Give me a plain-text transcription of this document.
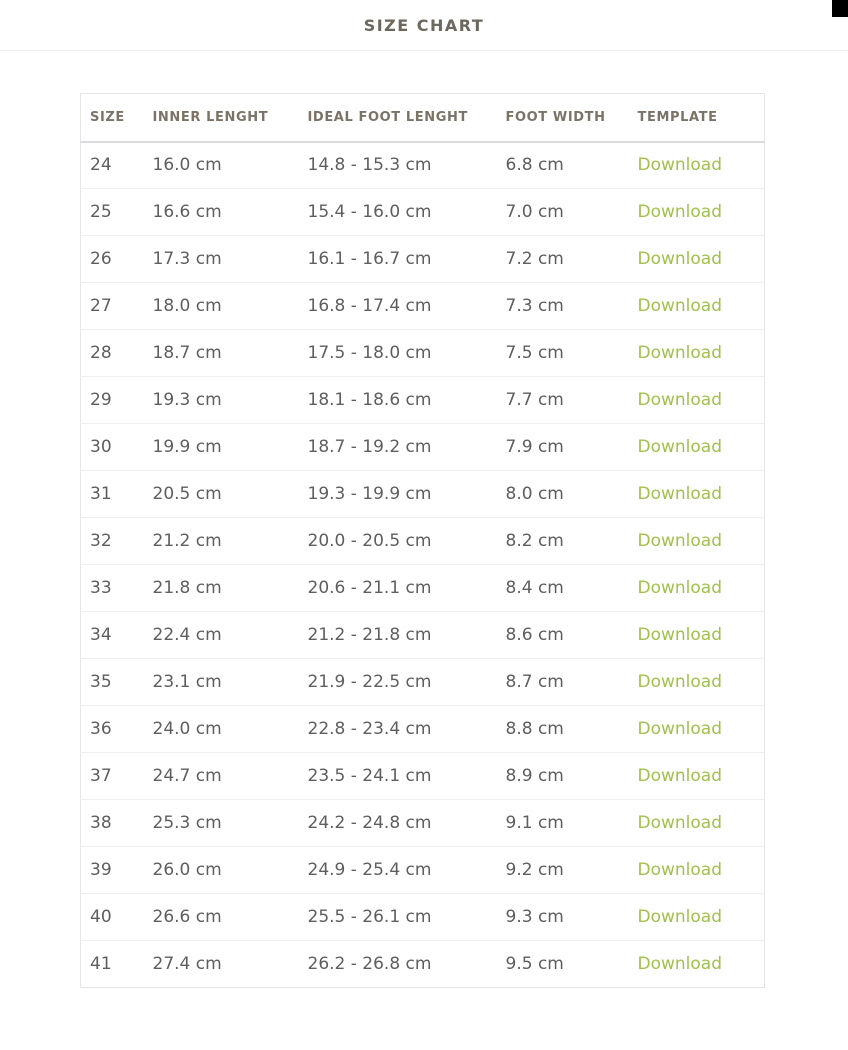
SIZE CHART
SIZE	INNER LENGHT	IDEAL FOOT LENGHT	FOOT WIDTH	TEMPLATE
24	16.0 cm	14.8 - 15.3 cm	6.8 cm	Download
25	16.6 cm	15.4 - 16.0 cm	7.0 cm	Download
26	17.3 cm	16.1 - 16.7 cm	7.2 cm	Download
27	18.0 cm	16.8 - 17.4 cm	7.3 cm	Download
28	18.7 cm	17.5 - 18.0 cm	7.5 cm	Download
29	19.3 cm	18.1 - 18.6 cm	7.7 cm	Download
30	19.9 cm	18.7 - 19.2 cm	7.9 cm	Download
31	20.5 cm	19.3 - 19.9 cm	8.0 cm	Download
32	21.2 cm	20.0 - 20.5 cm	8.2 cm	Download
33	21.8 cm	20.6 - 21.1 cm	8.4 cm	Download
34	22.4 cm	21.2 - 21.8 cm	8.6 cm	Download
35	23.1 cm	21.9 - 22.5 cm	8.7 cm	Download
36	24.0 cm	22.8 - 23.4 cm	8.8 cm	Download
37	24.7 cm	23.5 - 24.1 cm	8.9 cm	Download
38	25.3 cm	24.2 - 24.8 cm	9.1 cm	Download
39	26.0 cm	24.9 - 25.4 cm	9.2 cm	Download
40	26.6 cm	25.5 - 26.1 cm	9.3 cm	Download
41	27.4 cm	26.2 - 26.8 cm	9.5 cm	Download
